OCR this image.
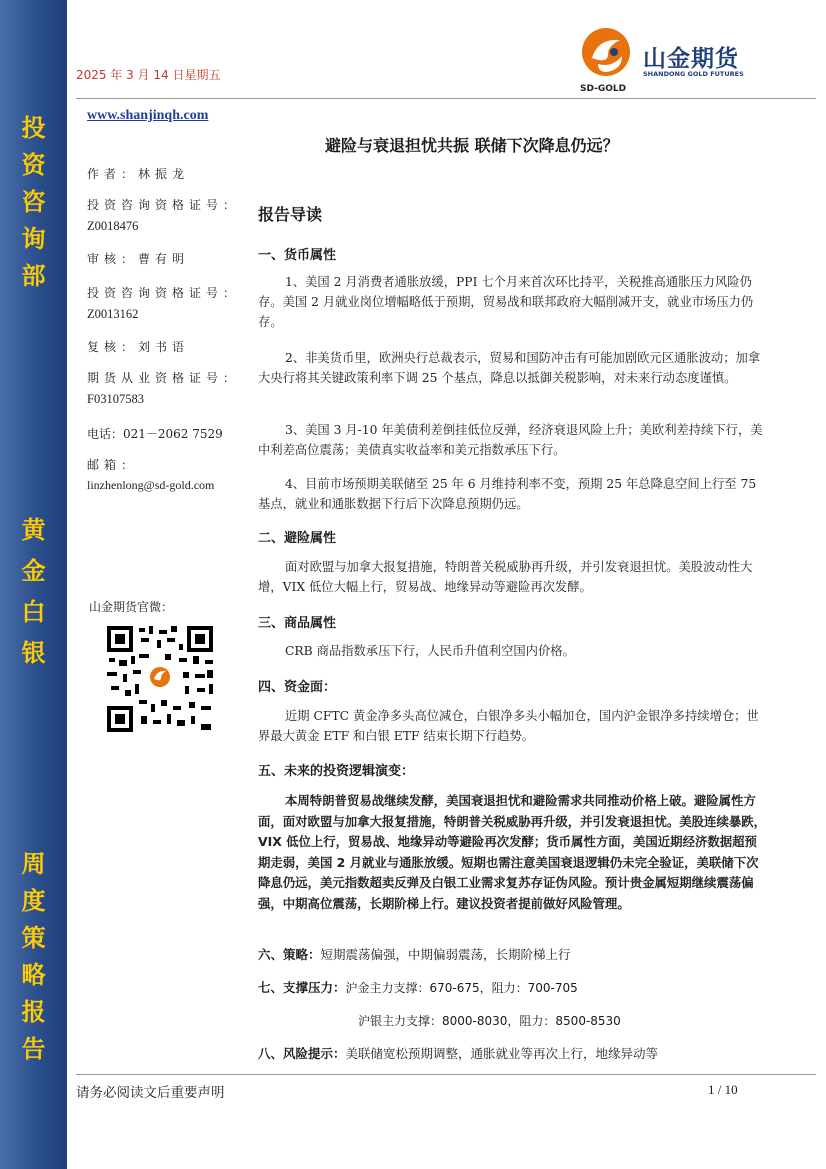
投
资
咨
询
部
黄
金
白
银
周
度
策
略
报
告
2025 年 3 月 14 日星期五
山金期货
SHANDONG GOLD FUTURES
SD-GOLD
www.shanjinqh.com
避险与衰退担忧共振 联储下次降息仍远？
作者：林振龙
投资咨询资格证号：
Z0018476
审核：曹有明
投资咨询资格证号：
Z0013162
复核：刘书语
期货从业资格证号：
F03107583
电话：021－2062 7529
邮箱：
linzhenlong@sd-gold.com
山金期货官微：
报告导读
一、货币属性
1、美国 2 月消费者通胀放缓，PPI 七个月来首次环比持平，关税推高通胀压力风险仍存。美国 2 月就业岗位增幅略低于预期，贸易战和联邦政府大幅削减开支，就业市场压力仍存。
2、非美货币里，欧洲央行总裁表示，贸易和国防冲击有可能加剧欧元区通胀波动；加拿大央行将其关键政策利率下调 25 个基点，降息以抵御关税影响，对未来行动态度谨慎。
3、美国 3 月-10 年美债利差倒挂低位反弹，经济衰退风险上升；美欧利差持续下行，美中利差高位震荡；美债真实收益率和美元指数承压下行。
4、目前市场预期美联储至 25 年 6 月维持利率不变，预期 25 年总降息空间上行至 75 基点，就业和通胀数据下行后下次降息预期仍远。
二、避险属性
面对欧盟与加拿大报复措施，特朗普关税威胁再升级，并引发衰退担忧。美股波动性大增，VIX 低位大幅上行，贸易战、地缘异动等避险再次发酵。
三、商品属性
CRB 商品指数承压下行，人民币升值利空国内价格。
四、资金面：
近期 CFTC 黄金净多头高位减仓，白银净多头小幅加仓，国内沪金银净多持续增仓；世界最大黄金 ETF 和白银 ETF 结束长期下行趋势。
五、未来的投资逻辑演变：
本周特朗普贸易战继续发酵，美国衰退担忧和避险需求共同推动价格上破。避险属性方面，面对欧盟与加拿大报复措施，特朗普关税威胁再升级，并引发衰退担忧。美股连续暴跌，VIX 低位上行，贸易战、地缘异动等避险再次发酵；货币属性方面，美国近期经济数据超预期走弱，美国 2 月就业与通胀放缓。短期也需注意美国衰退逻辑仍未完全验证，美联储下次降息仍远，美元指数超卖反弹及白银工业需求复苏存证伪风险。预计贵金属短期继续震荡偏强，中期高位震荡，长期阶梯上行。建议投资者提前做好风险管理。
六、策略：短期震荡偏强，中期偏弱震荡，长期阶梯上行
七、支撑压力：沪金主力支撑：670-675，阻力：700-705
沪银主力支撑：8000-8030，阻力：8500-8530
八、风险提示：美联储宽松预期调整，通胀就业等再次上行，地缘异动等
请务必阅读文后重要声明	1 / 10
